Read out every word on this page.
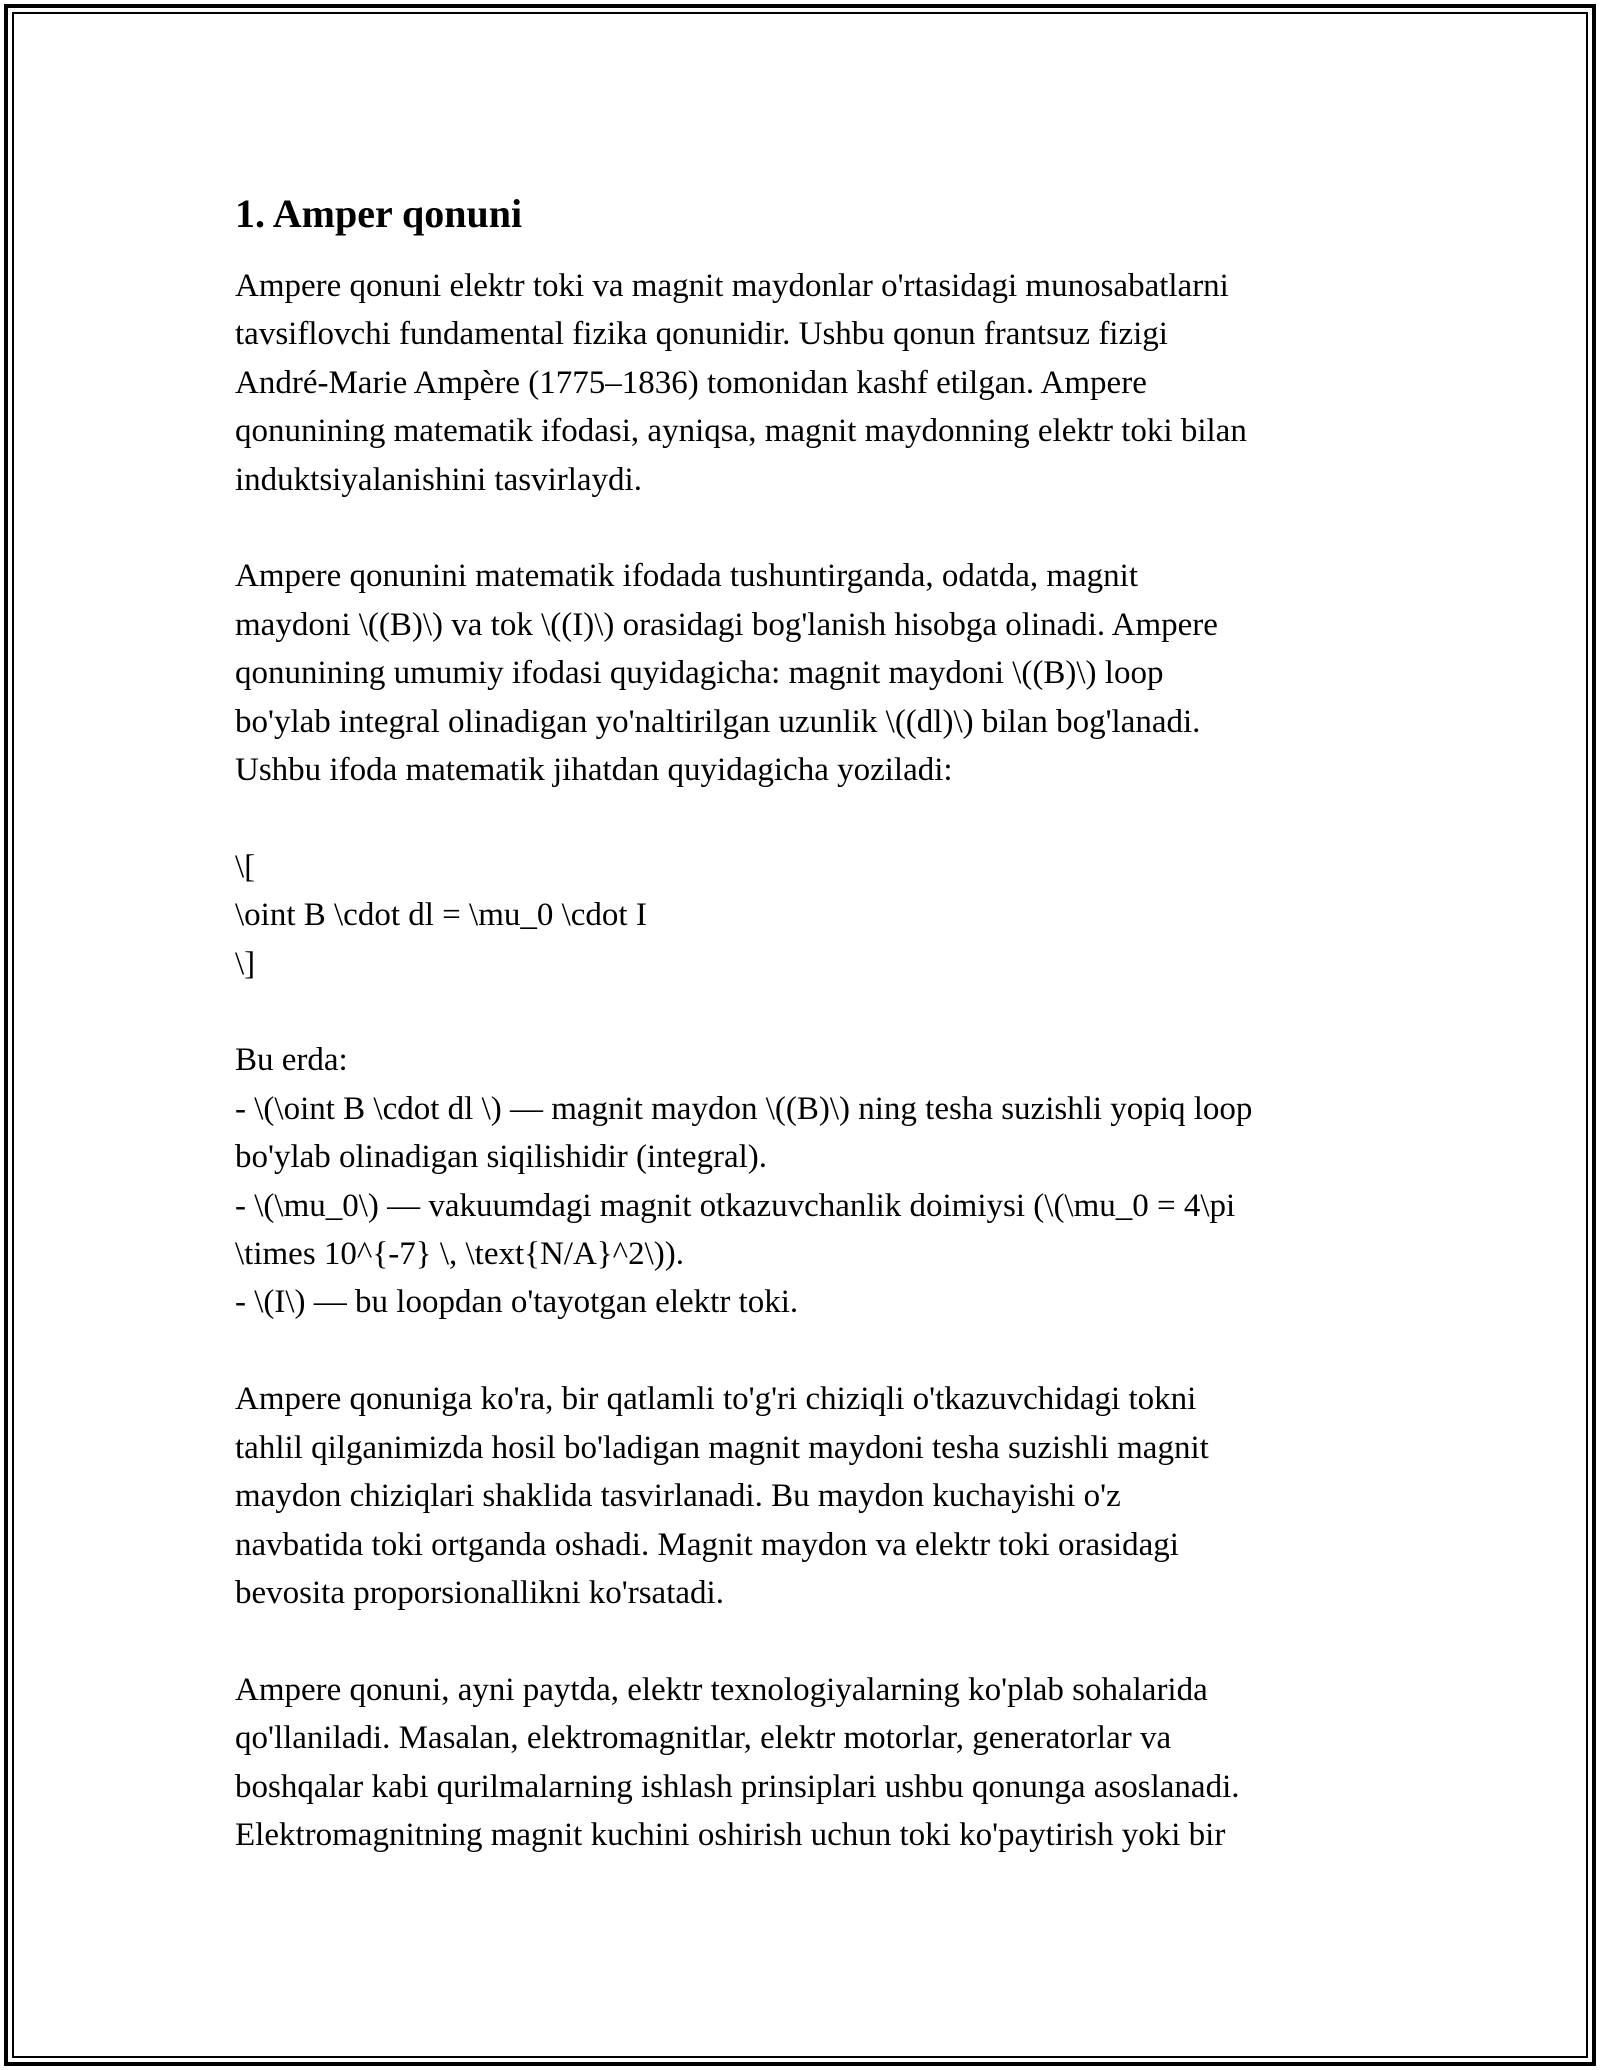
1. Amper qonuni

Ampere qonuni elektr toki va magnit maydonlar o'rtasidagi munosabatlarni
tavsiflovchi fundamental fizika qonunidir. Ushbu qonun frantsuz fizigi
André-Marie Ampère (1775–1836) tomonidan kashf etilgan. Ampere
qonunining matematik ifodasi, ayniqsa, magnit maydonning elektr toki bilan
induktsiyalanishini tasvirlaydi.

Ampere qonunini matematik ifodada tushuntirganda, odatda, magnit
maydoni \((B)\) va tok \((I)\) orasidagi bog'lanish hisobga olinadi. Ampere
qonunining umumiy ifodasi quyidagicha: magnit maydoni \((B)\) loop
bo'ylab integral olinadigan yo'naltirilgan uzunlik \((dl)\) bilan bog'lanadi.
Ushbu ifoda matematik jihatdan quyidagicha yoziladi:

\[
\oint B \cdot dl = \mu_0 \cdot I
\]
Bu erda:
- \(\oint B \cdot dl \) — magnit maydon \((B)\) ning tesha suzishli yopiq loop
bo'ylab olinadigan siqilishidir (integral).
- \(\mu_0\) — vakuumdagi magnit otkazuvchanlik doimiysi (\(\mu_0 = 4\pi
\times 10^{-7} \, \text{N/A}^2\)).
- \(I\) — bu loopdan o'tayotgan elektr toki.

Ampere qonuniga ko'ra, bir qatlamli to'g'ri chiziqli o'tkazuvchidagi tokni
tahlil qilganimizda hosil bo'ladigan magnit maydoni tesha suzishli magnit
maydon chiziqlari shaklida tasvirlanadi. Bu maydon kuchayishi o'z
navbatida toki ortganda oshadi. Magnit maydon va elektr toki orasidagi
bevosita proporsionallikni ko'rsatadi.

Ampere qonuni, ayni paytda, elektr texnologiyalarning ko'plab sohalarida
qo'llaniladi. Masalan, elektromagnitlar, elektr motorlar, generatorlar va
boshqalar kabi qurilmalarning ishlash prinsiplari ushbu qonunga asoslanadi.
Elektromagnitning magnit kuchini oshirish uchun toki ko'paytirish yoki bir
